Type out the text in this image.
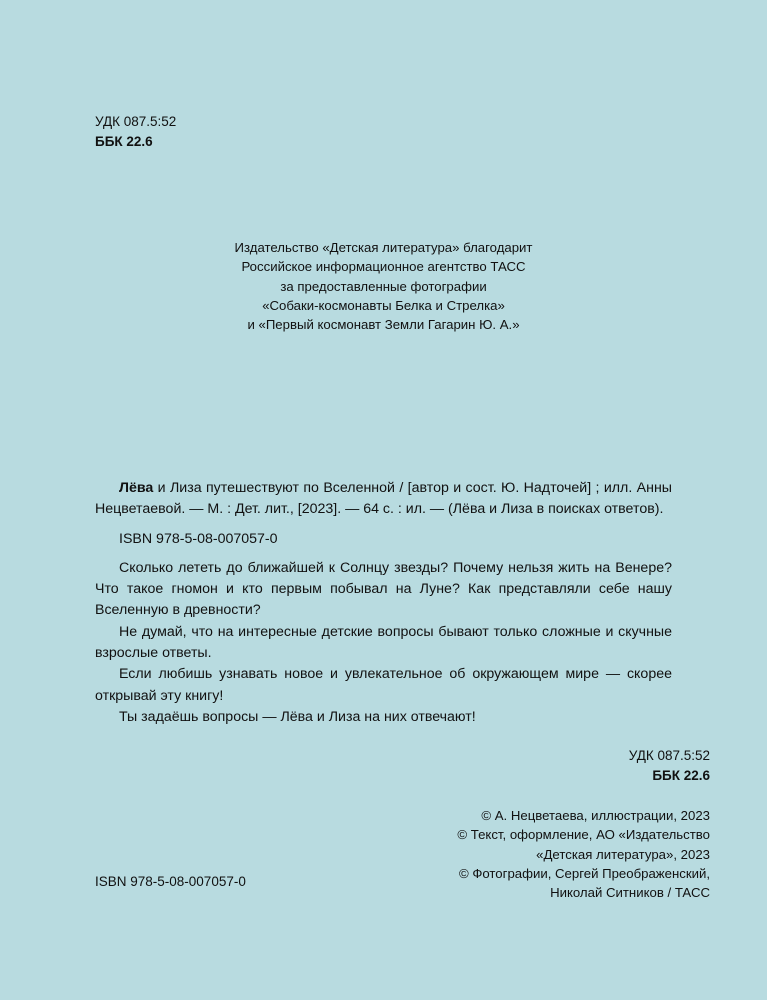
УДК 087.5:52
ББК 22.6
Издательство «Детская литература» благодарит
Российское информационное агентство ТАСС
за предоставленные фотографии
«Собаки-космонавты Белка и Стрелка»
и «Первый космонавт Земли Гагарин Ю. А.»
Лёва и Лиза путешествуют по Вселенной / [автор и сост. Ю. Надточей] ; илл. Анны Нецветаевой. — М. : Дет. лит., [2023]. — 64 с. : ил. — (Лёва и Лиза в поисках ответов).
ISBN 978-5-08-007057-0

Сколько лететь до ближайшей к Солнцу звезды? Почему нельзя жить на Венере? Что такое гномон и кто первым побывал на Луне? Как представляли себе нашу Вселенную в древности?

Не думай, что на интересные детские вопросы бывают только сложные и скучные взрослые ответы.

Если любишь узнавать новое и увлекательное об окружающем мире — скорее открывай эту книгу!

Ты задаёшь вопросы — Лёва и Лиза на них отвечают!

УДК 087.5:52
ББК 22.6
© А. Нецветаева, иллюстрации, 2023
© Текст, оформление, АО «Издательство
«Детская литература», 2023
© Фотографии, Сергей Преображенский,
Николай Ситников / ТАСС
ISBN 978-5-08-007057-0
